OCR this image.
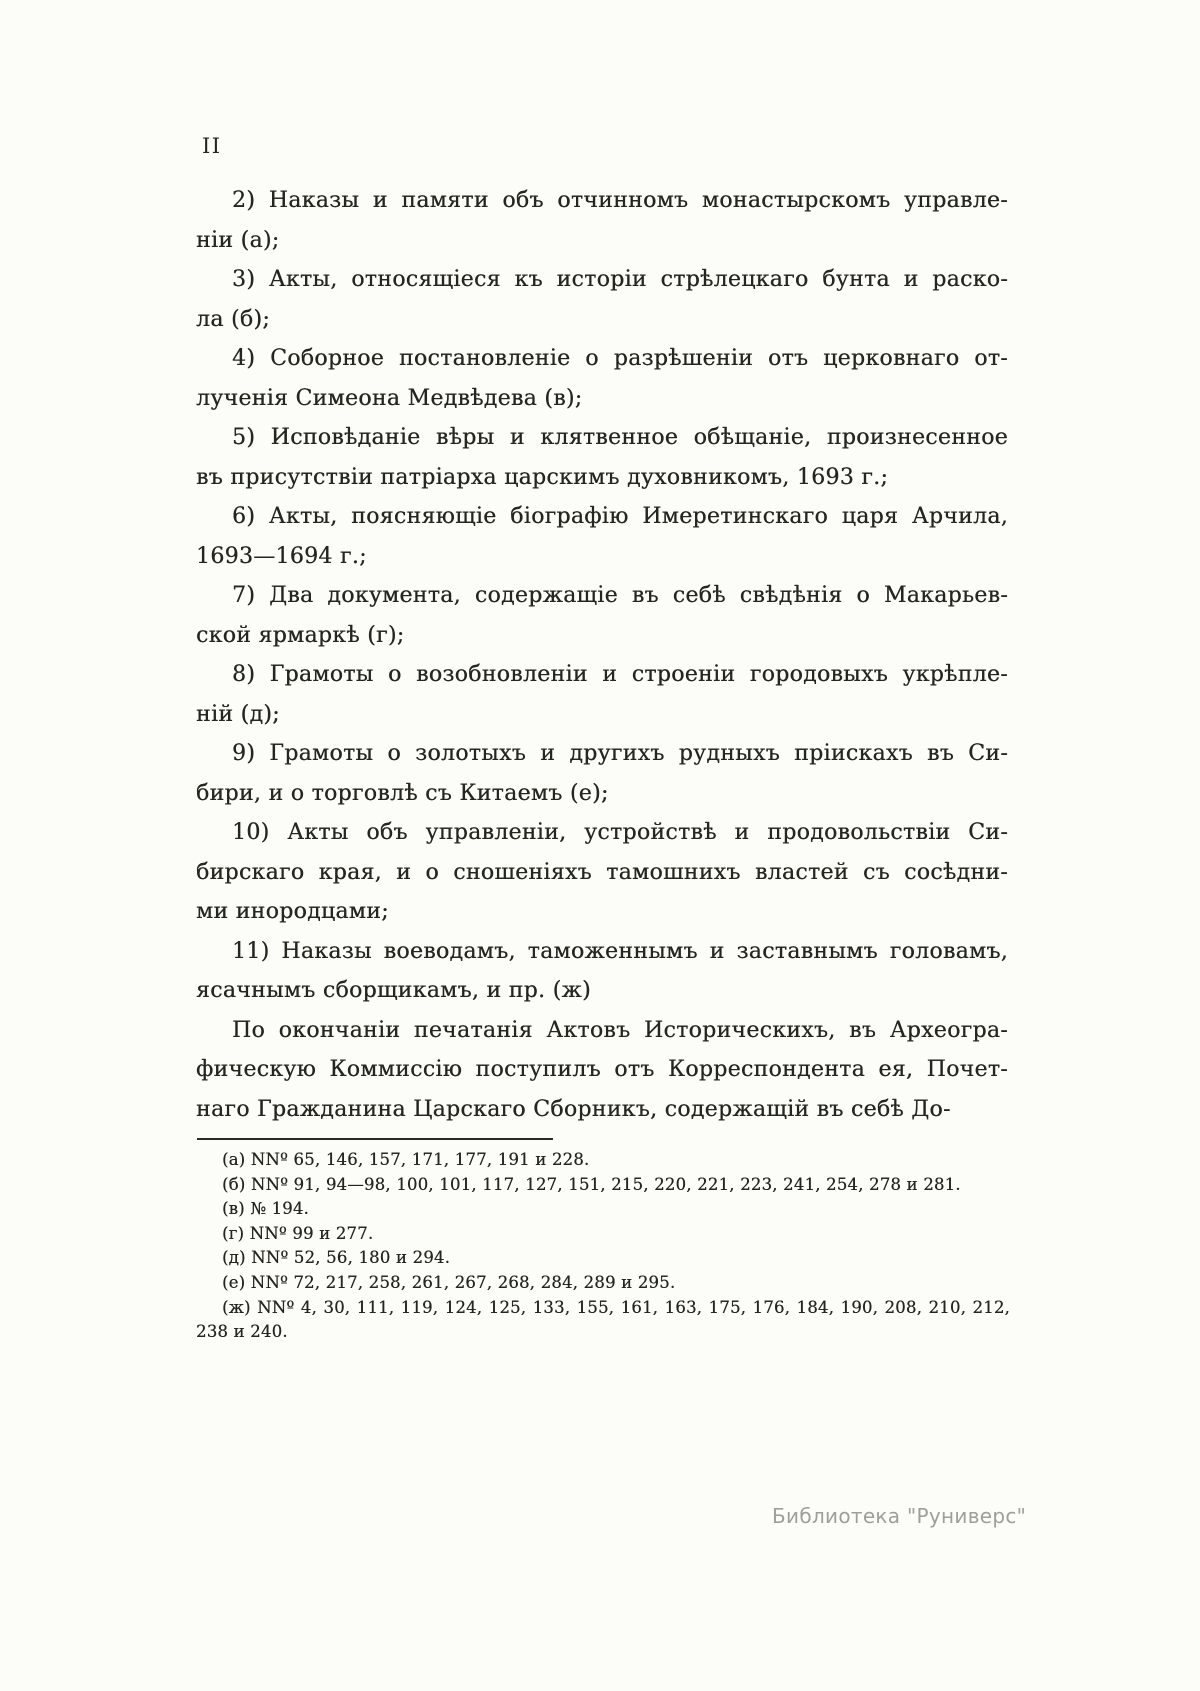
II
2) Наказы и памяти объ отчинномъ монастырскомъ управле-
ніи (а);
3) Акты, относящіеся къ исторіи стрѣлецкаго бунта и раско-
ла (б);
4) Соборное постановленіе о разрѣшеніи отъ церковнаго от-
лученія Симеона Медвѣдева (в);
5) Исповѣданіе вѣры и клятвенное обѣщаніе, произнесенное
въ присутствіи патріарха царскимъ духовникомъ, 1693 г.;
6) Акты, поясняющіе біографію Имеретинскаго царя Арчила,
1693—1694 г.;
7) Два документа, содержащіе въ себѣ свѣдѣнія о Макарьев-
ской ярмаркѣ (г);
8) Грамоты о возобновленіи и строеніи городовыхъ укрѣпле-
ній (д);
9) Грамоты о золотыхъ и другихъ рудныхъ пріискахъ въ Си-
бири, и о торговлѣ съ Китаемъ (е);
10) Акты объ управленіи, устройствѣ и продовольствіи Си-
бирскаго края, и о сношеніяхъ тамошнихъ властей съ сосѣдни-
ми инородцами;
11) Наказы воеводамъ, таможеннымъ и заставнымъ головамъ,
ясачнымъ сборщикамъ, и пр. (ж)
По окончаніи печатанія Актовъ Историческихъ, въ Археогра-
фическую Коммиссію поступилъ отъ Корреспондента ея, Почет-
наго Гражданина Царскаго Сборникъ, содержащій въ себѣ До-
(а) NNº 65, 146, 157, 171, 177, 191 и 228.
(б) NNº 91, 94—98, 100, 101, 117, 127, 151, 215, 220, 221, 223, 241, 254, 278 и 281.
(в) № 194.
(г) NNº 99 и 277.
(д) NNº 52, 56, 180 и 294.
(е) NNº 72, 217, 258, 261, 267, 268, 284, 289 и 295.
(ж) NNº 4, 30, 111, 119, 124, 125, 133, 155, 161, 163, 175, 176, 184, 190, 208, 210, 212,
238 и 240.
Библиотека "Руниверс"
